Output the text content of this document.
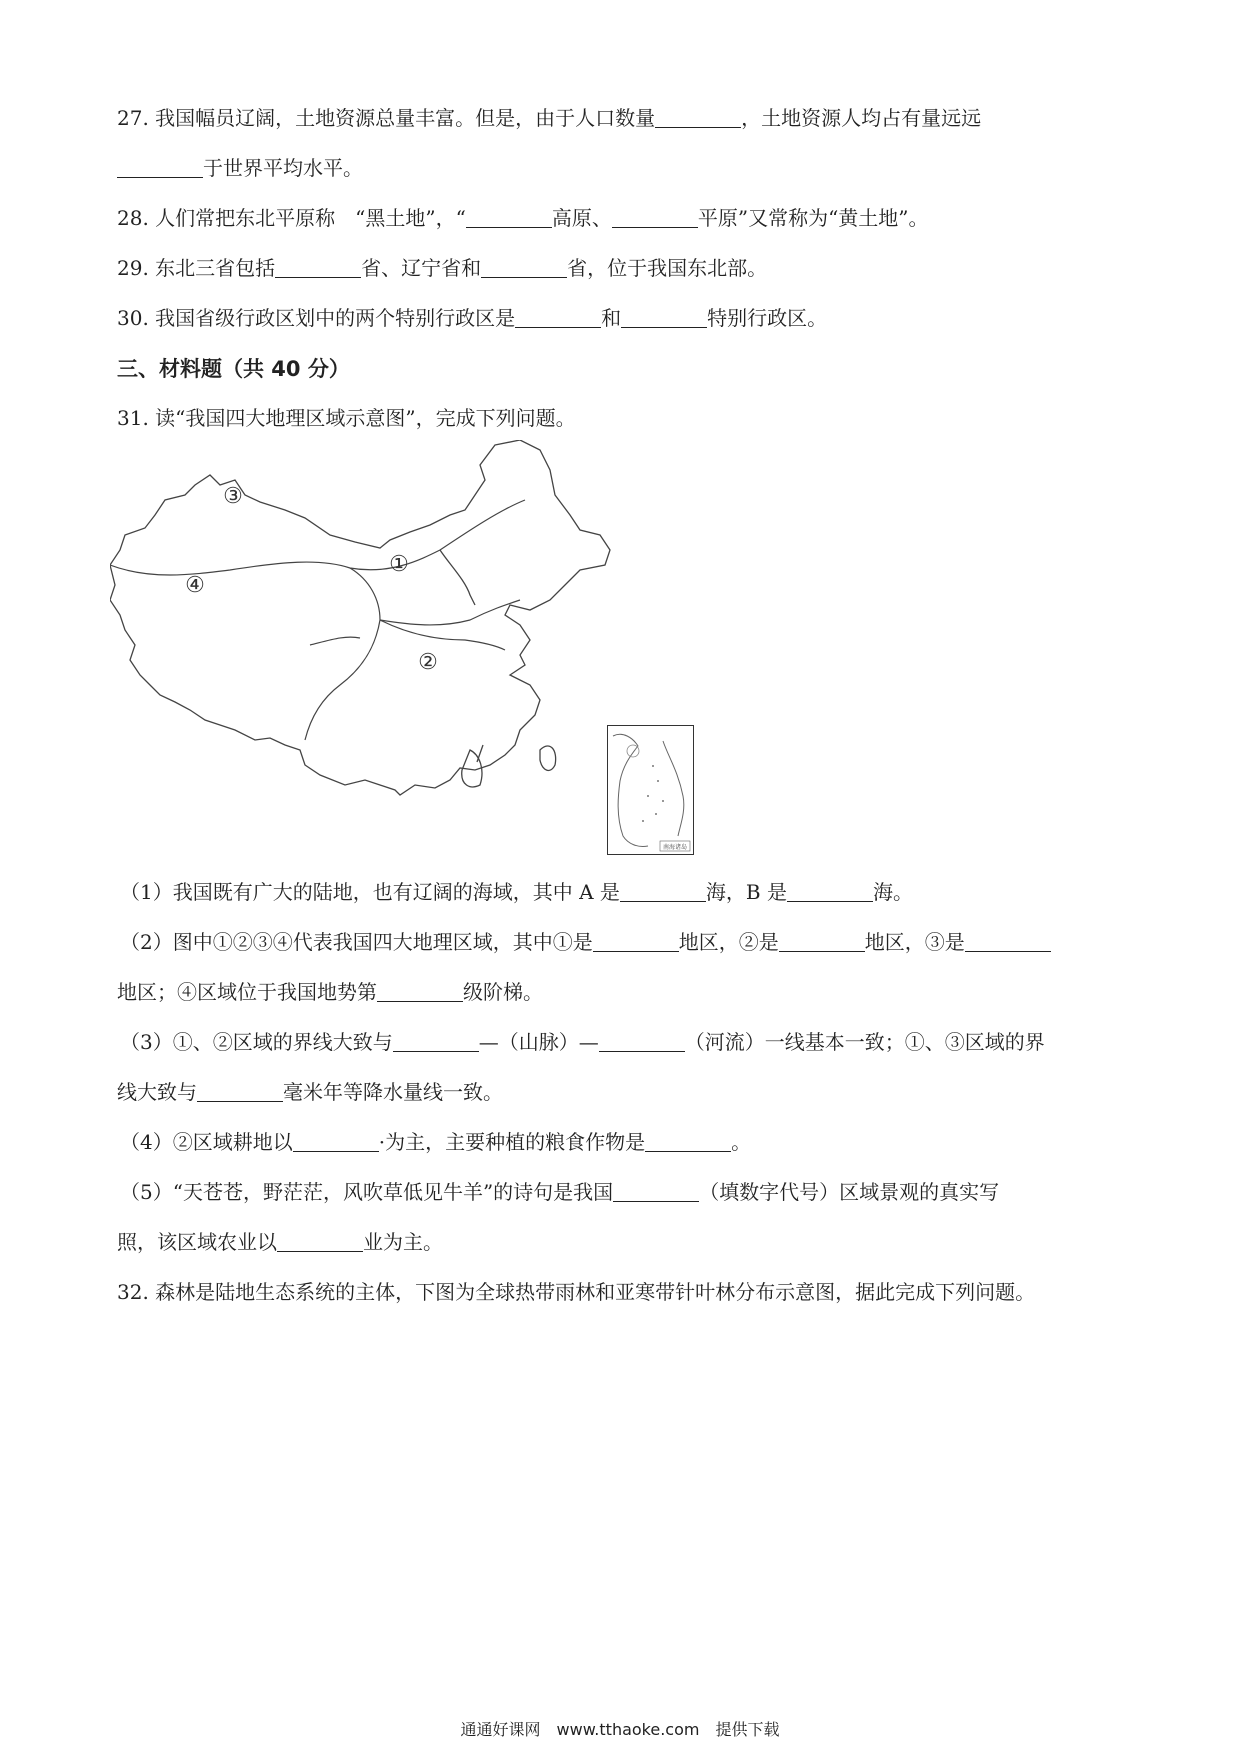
27. 我国幅员辽阔，土地资源总量丰富。但是，由于人口数量	，土地资源人均占有量远远
于世界平均水平。
28. 人们常把东北平原称　“黑土地”，“	高原、	平原”又常称为“黄土地”。
29. 东北三省包括	省、辽宁省和	省，位于我国东北部。
30. 我国省级行政区划中的两个特别行政区是	和	特别行政区。
三、材料题（共 40 分）
31. 读“我国四大地理区域示意图”，完成下列问题。
③
④
①
②
南海诸岛
（1）我国既有广大的陆地，也有辽阔的海域，其中 A 是	海，B 是	海。
（2）图中①②③④代表我国四大地理区域，其中①是	地区，②是	地区，③是
地区；④区域位于我国地势第	级阶梯。
（3）①、②区域的界线大致与	—（山脉）—	（河流）一线基本一致；①、③区域的界
线大致与	毫米年等降水量线一致。
（4）②区域耕地以	·为主，主要种植的粮食作物是	。
（5）“天苍苍，野茫茫，风吹草低见牛羊”的诗句是我国	（填数字代号）区域景观的真实写
照，该区域农业以	业为主。
32. 森林是陆地生态系统的主体，下图为全球热带雨林和亚寒带针叶林分布示意图，据此完成下列问题。
通通好课网　www.tthaoke.com　提供下载
